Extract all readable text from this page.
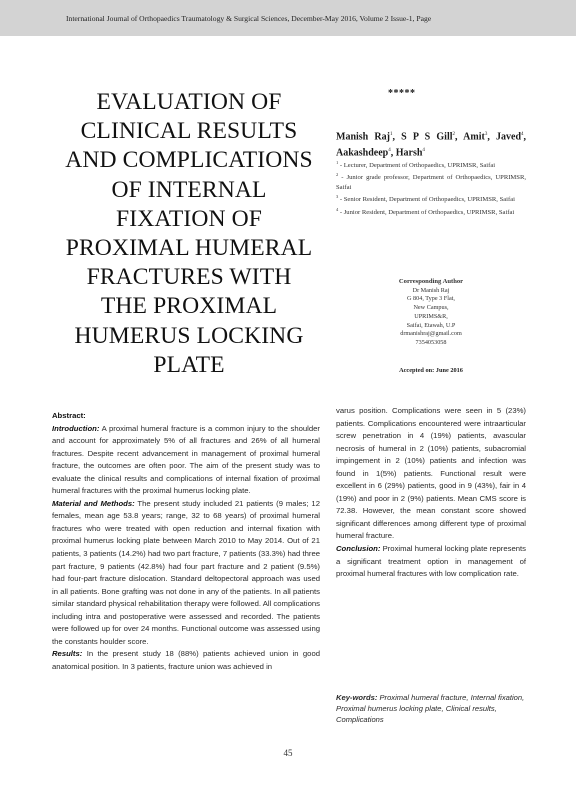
International Journal of Orthopaedics Traumatology & Surgical Sciences, December-May 2016, Volume 2 Issue-1, Page
EVALUATION OF
CLINICAL RESULTS
AND COMPLICATIONS
OF INTERNAL
FIXATION OF
PROXIMAL HUMERAL
FRACTURES WITH
THE PROXIMAL
HUMERUS LOCKING
PLATE
*****
Manish Raj$^1$, S P S Gill$^2$, Amit$^3$, Javed$^4$, Aakashdeep$^4$, Harsh$^4$

$^1$ - Lecturer, Department of Orthopaedics, UPRIMSR, Saifai

$^2$ - Junior grade professor, Department of Orthopaedics, UPRIMSR, Saifai

$^3$ - Senior Resident, Department of Orthopaedics, UPRIMSR, Saifai

$^4$ - Junior Resident, Department of Orthopaedics, UPRIMSR, Saifai

Corresponding Author
Dr Manish Raj
G 804, Type 3 Flat,
New Campus,
UPRIMS&R,
Saifai, Etawah, U.P
drmanishraj@gmail.com
7354053058
Accepted on: June 2016

Abstract:

Introduction: A proximal humeral fracture is a common injury to the shoulder and account for approximately 5% of all fractures and 26% of all humeral fractures. Despite recent advancement in management of proximal humeral fracture, the outcomes are often poor. The aim of the present study was to evaluate the clinical results and complications of internal fixation of proximal humeral fractures with the proximal humerus locking plate.

Material and Methods: The present study included 21 patients (9 males; 12 females, mean age 53.8 years; range, 32 to 68 years) of proximal humeral fractures who were treated with open reduction and internal fixation with proximal humerus locking plate between March 2010 to May 2014. Out of 21 patients, 3 patients (14.2%) had two part fracture, 7 patients (33.3%) had three part fracture, 9 patients (42.8%) had four part fracture and 2 patient (9.5%) had four-part fracture dislocation. Standard deltopectoral approach was used in all patients. Bone grafting was not done in any of the patients. In all patients similar standard physical rehabilitation therapy were followed. All complications including intra and postoperative were assessed and recorded. The patients were followed up for over 24 months. Functional outcome was assessed using the constants houlder score.

Results: In the present study 18 (88%) patients achieved union in good anatomical position. In 3 patients, fracture union was achieved in

varus position. Complications were seen in 5 (23%) patients. Complications encountered were intraarticular screw penetration in 4 (19%) patients, avascular necrosis of humeral in 2 (10%) patients, subacromial impingement in 2 (10%) patients and infection was found in 1(5%) patients. Functional result were excellent in 6 (29%) patients, good in 9 (43%), fair in 4 (19%) and poor in 2 (9%) patients. Mean CMS score is 72.38. However, the mean constant score showed significant differences among different type of proximal humeral fracture.

Conclusion: Proximal humeral locking plate represents a significant treatment option in management of proximal humeral fractures with low complication rate.

Key-words: Proximal humeral fracture, Internal fixation, Proximal humerus locking plate, Clinical results, Complications
45
